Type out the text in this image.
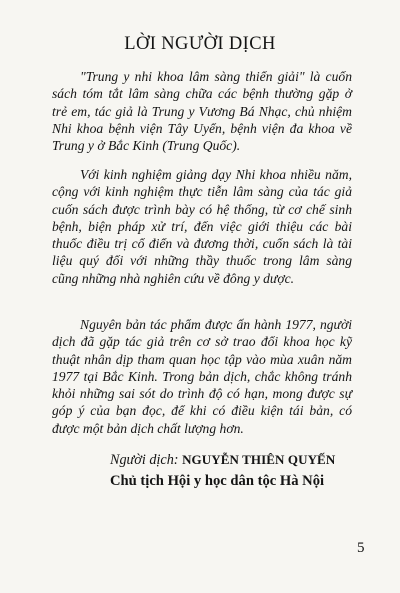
LỜI NGƯỜI DỊCH
"Trung y nhi khoa lâm sàng thiển giải" là cuốn
sách tóm tắt lâm sàng chữa các bệnh thường gặp ở
trẻ em, tác giả là Trung y Vương Bá Nhạc, chủ nhiệm
Nhi khoa bệnh viện Tây Uyển, bệnh viện đa khoa về
Trung y ở Bắc Kinh (Trung Quốc).
Với kinh nghiệm giảng dạy Nhi khoa nhiều năm,
cộng với kinh nghiệm thực tiễn lâm sàng của tác giả
cuốn sách được trình bày có hệ thống, từ cơ chế sinh
bệnh, biện pháp xử trí, đến việc giới thiệu các bài
thuốc điều trị cổ điển và đương thời, cuốn sách là tài
liệu quý đối với những thầy thuốc trong lâm sàng
cũng những nhà nghiên cứu về đông y dược.
Nguyên bản tác phẩm được ấn hành 1977, người
dịch đã gặp tác giả trên cơ sở trao đổi khoa học kỹ
thuật nhân dịp tham quan học tập vào mùa xuân năm
1977 tại Bắc Kinh. Trong bản dịch, chắc không tránh
khỏi những sai sót do trình độ có hạn, mong được sự
góp ý của bạn đọc, để khi có điều kiện tái bản, có
được một bản dịch chất lượng hơn.
Người dịch: NGUYỄN THIÊN QUYẾN
Chủ tịch Hội y học dân tộc Hà Nội
5
